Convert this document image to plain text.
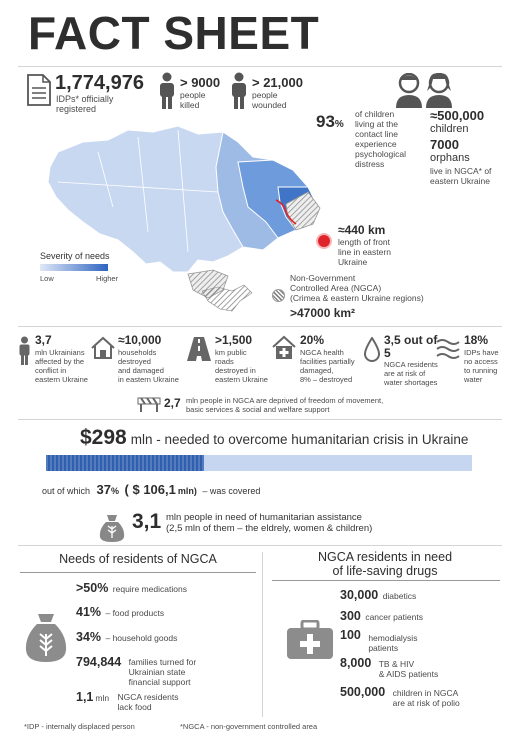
FACT SHEET
1,774,976
IDPs* officially
registered
> 9000
people
killed
> 21,000
people
wounded
93%
of children
living at the
contact line
experience
psychological
distress
≈500,000
children
7000
orphans
live in NGCA* of
eastern Ukraine
Severity of needs
Low	Higher
≈440 km
length of front
line in eastern
Ukraine
Non-Government
Controlled Area (NGCA)
(Crimea & eastern Ukraine regions)
>47000 km²
3,7
mln Ukrainians
affected by the
conflict in
eastern Ukraine
≈10,000
households
destroyed
and damaged
in eastern Ukraine
>1,500
km public
roads
destroyed in
eastern Ukraine
20%
NGCA health
facilities partially
damaged,
8% – destroyed
3,5 out of 5
NGCA residents
are at risk of
water shortages
18%
IDPs have
no access
to running
water
2,7 mln people in NGCA are deprived of freedom of movement,
basic services & social and welfare support
$298 mln - needed to overcome humanitarian crisis in Ukraine
out of which 37% ( $ 106,1 mln) – was covered
3,1 mln people in need of humanitarian assistance
(2,5 mln of them – the eldrely, women & children)
Needs of residents of NGCA
>50% require medications
41% – food products
34% – household goods
$^{794,844}$ families turned for
Ukrainian state
financial support
$^{1,1}$ $^{mln}$ NGCA residents
lack food
NGCA residents in need
of life-saving drugs
30,000 diabetics
300 cancer patients
$^{100}$ hemodialysis
patients
$^{8,000}$ TB & HIV
& AIDS patients
$^{500,000}$ children in NGCA
are at risk of polio
*IDP - internally displaced person	*NGCA - non-government controlled area
